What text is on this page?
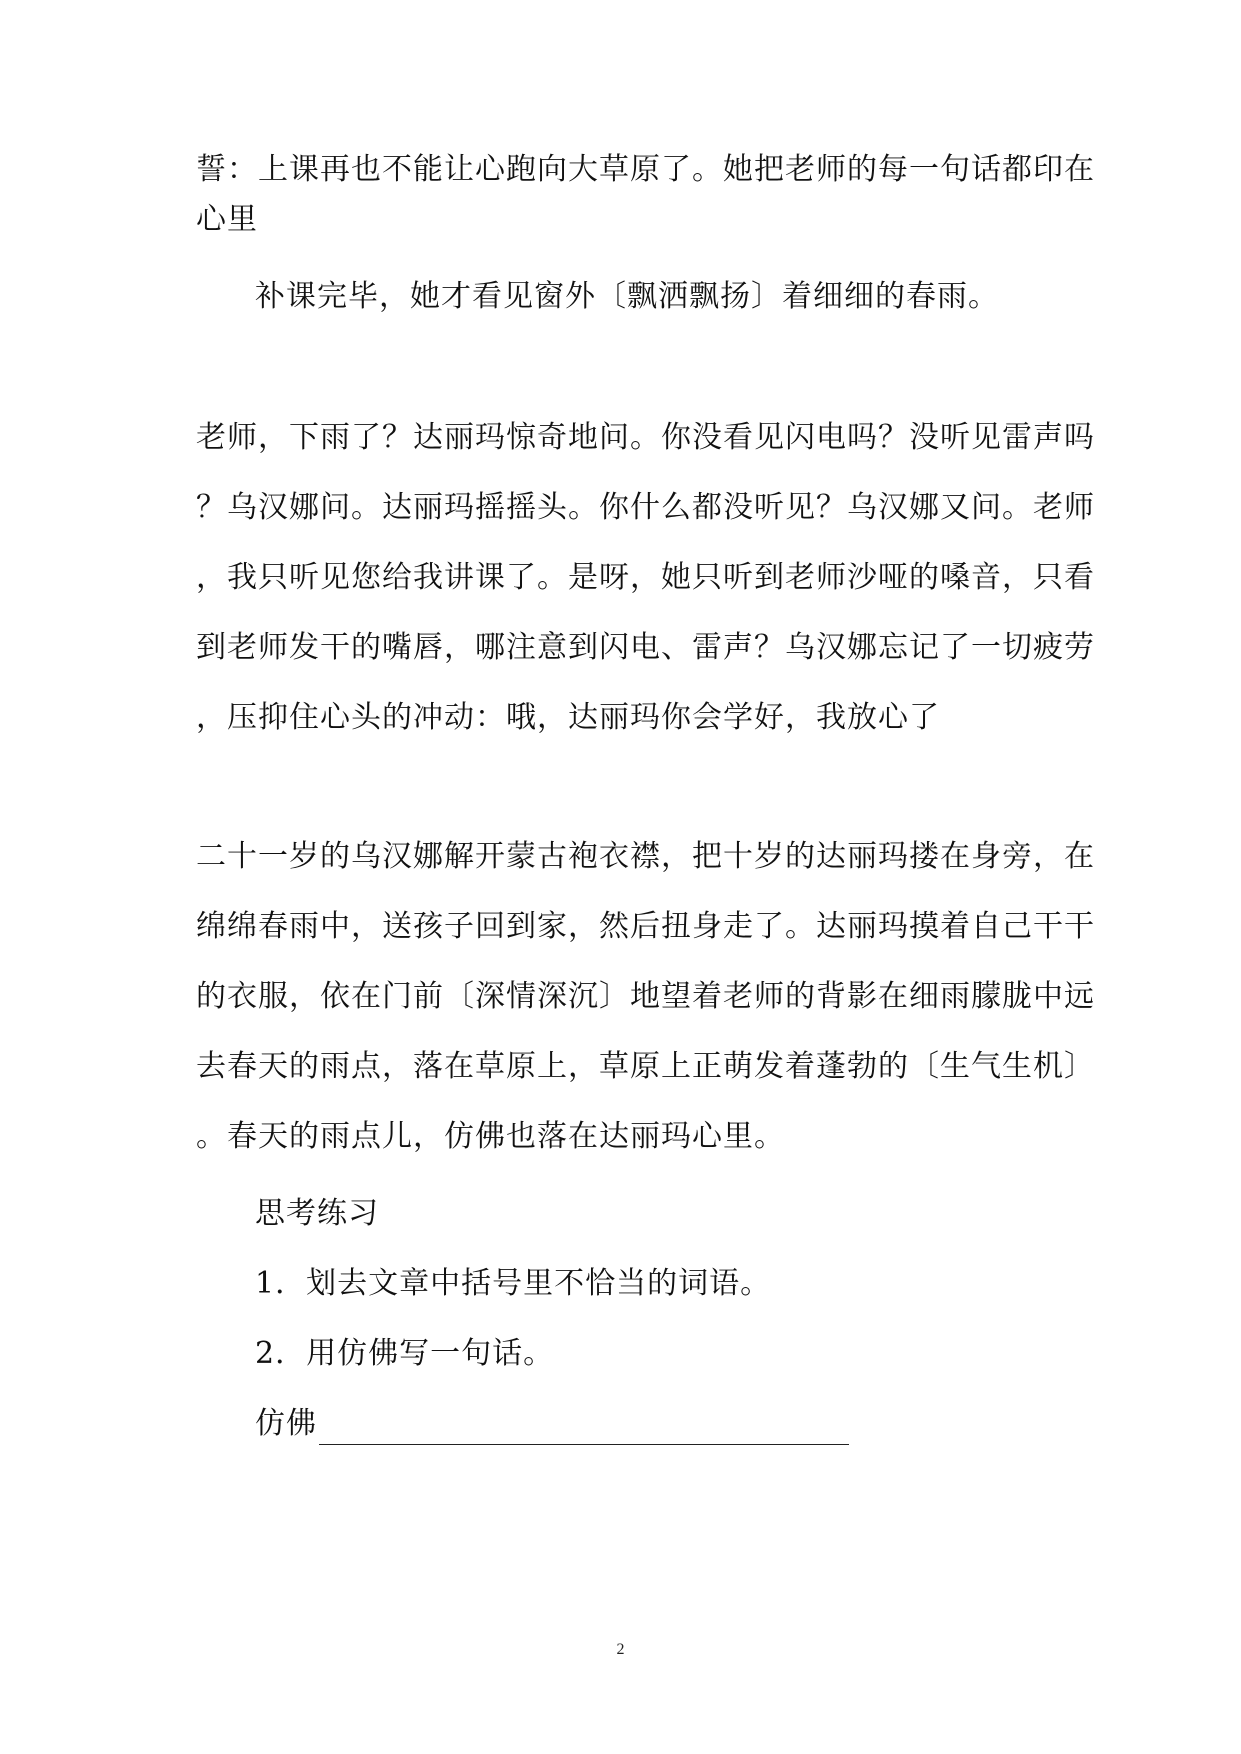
誓：上课再也不能让心跑向大草原了。她把老师的每一句话都印在
心里
补课完毕，她才看见窗外〔飘洒飘扬〕着细细的春雨。
老师，下雨了？达丽玛惊奇地问。你没看见闪电吗？没听见雷声吗
？乌汉娜问。达丽玛摇摇头。你什么都没听见？乌汉娜又问。老师
，我只听见您给我讲课了。是呀，她只听到老师沙哑的嗓音，只看
到老师发干的嘴唇，哪注意到闪电、雷声？乌汉娜忘记了一切疲劳
，压抑住心头的冲动：哦，达丽玛你会学好，我放心了
二十一岁的乌汉娜解开蒙古袍衣襟，把十岁的达丽玛搂在身旁，在
绵绵春雨中，送孩子回到家，然后扭身走了。达丽玛摸着自己干干
的衣服，依在门前〔深情深沉〕地望着老师的背影在细雨朦胧中远
去春天的雨点，落在草原上，草原上正萌发着蓬勃的〔生气生机〕
。春天的雨点儿，仿佛也落在达丽玛心里。
思考练习
1．划去文章中括号里不恰当的词语。
2．用仿佛写一句话。
仿佛
2
